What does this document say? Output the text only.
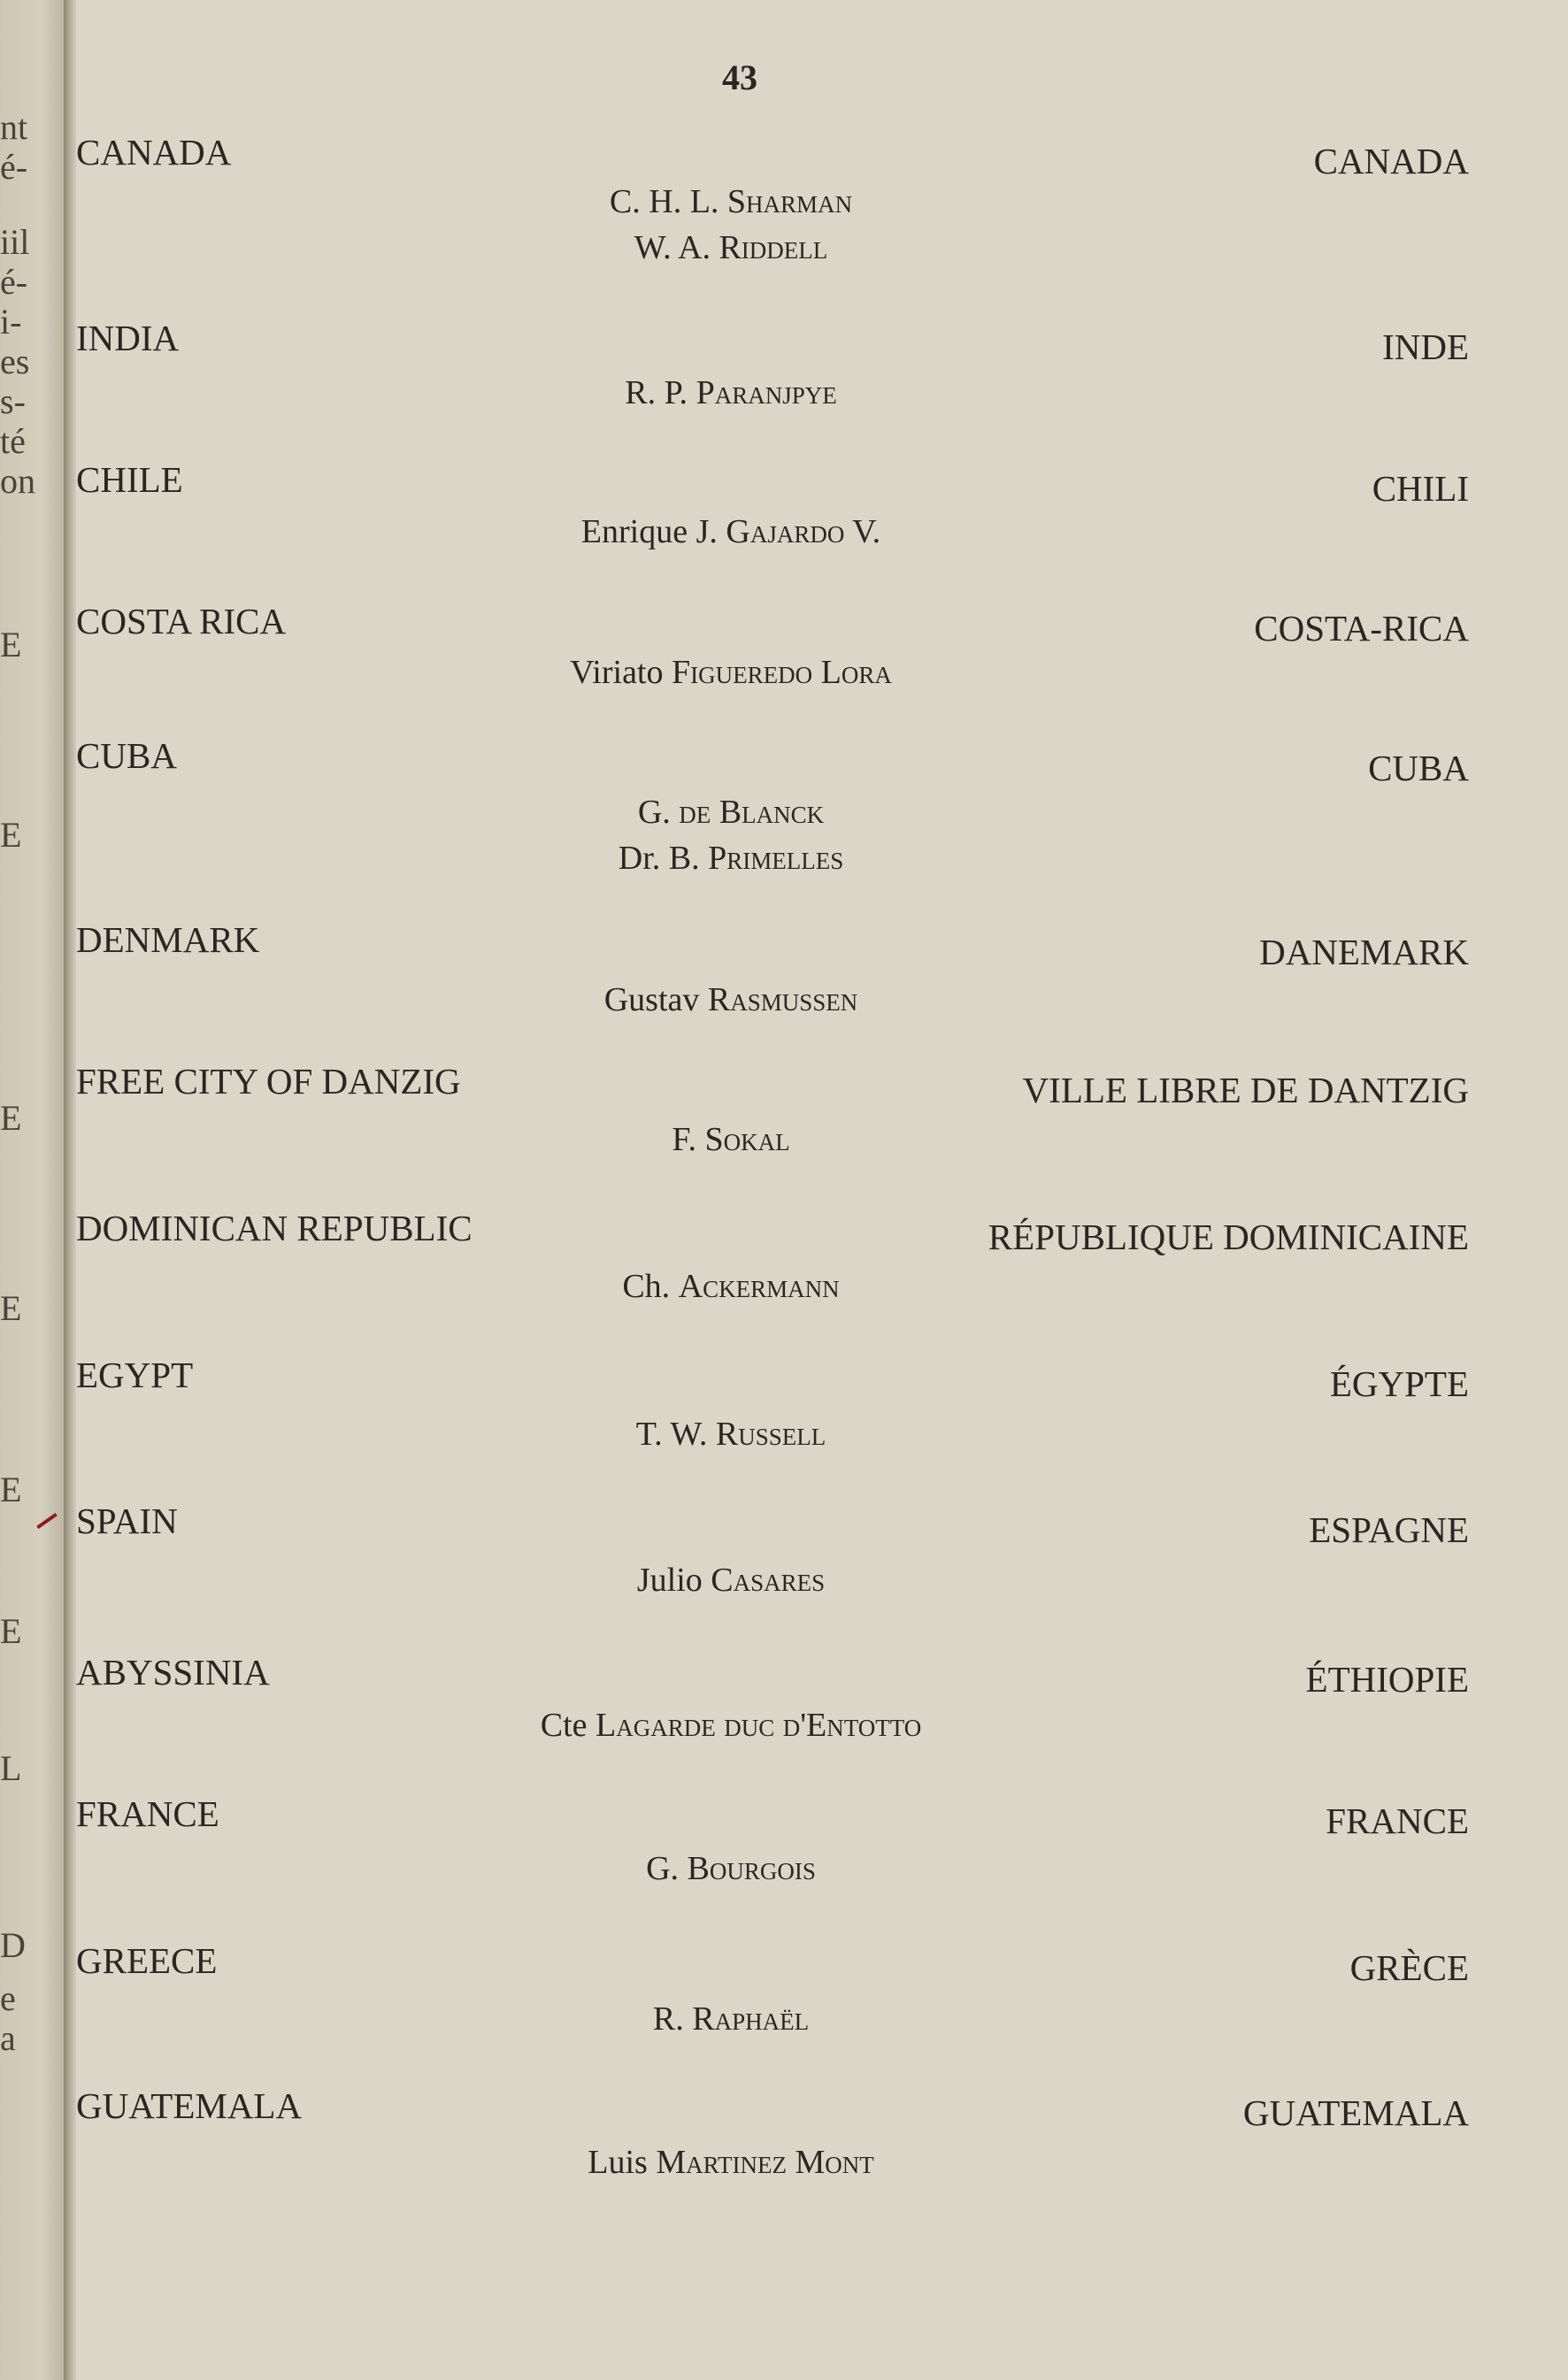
nt
é-
iil
é-
i-
es
s-
té
on
E
E
E
E
E
E
L
D
e
a
43
CANADA	CANADA
C. H. L. Sharman
W. A. Riddell
INDIA	INDE
R. P. Paranjpye
CHILE	CHILI
Enrique J. Gajardo V.
COSTA RICA	COSTA-RICA
Viriato Figueredo Lora
CUBA	CUBA
G. de Blanck
Dr. B. Primelles
DENMARK	DANEMARK
Gustav Rasmussen
FREE CITY OF DANZIG	VILLE LIBRE DE DANTZIG
F. Sokal
DOMINICAN REPUBLIC	RÉPUBLIQUE DOMINICAINE
Ch. Ackermann
EGYPT	ÉGYPTE
T. W. Russell
SPAIN	ESPAGNE
Julio Casares
ABYSSINIA	ÉTHIOPIE
Cte Lagarde duc d'Entotto
FRANCE	FRANCE
G. Bourgois
GREECE	GRÈCE
R. Raphaël
GUATEMALA	GUATEMALA
Luis Martinez Mont
